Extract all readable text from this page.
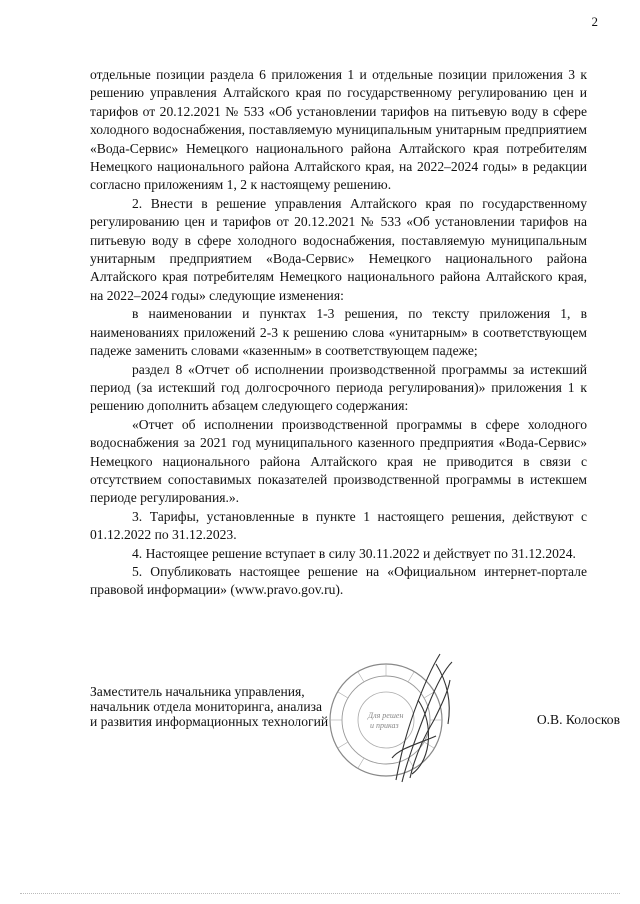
2

отдельные позиции раздела 6 приложения 1 и отдельные позиции приложения 3 к решению управления Алтайского края по государственному регулированию цен и тарифов от 20.12.2021 № 533 «Об установлении тарифов на питьевую воду в сфере холодного водоснабжения, поставляемую муниципальным унитарным предприятием «Вода-Сервис» Немецкого национального района Алтайского края потребителям Немецкого национального района Алтайского края, на 2022–2024 годы» в редакции согласно приложениям 1, 2 к настоящему решению.

2. Внести в решение управления Алтайского края по государственному регулированию цен и тарифов от 20.12.2021 № 533 «Об установлении тарифов на питьевую воду в сфере холодного водоснабжения, поставляемую муниципальным унитарным предприятием «Вода-Сервис» Немецкого национального района Алтайского края потребителям Немецкого национального района Алтайского края, на 2022–2024 годы» следующие изменения:

в наименовании и пунктах 1-3 решения, по тексту приложения 1, в наименованиях приложений 2-3 к решению слова «унитарным» в соответствующем падеже заменить словами «казенным» в соответствующем падеже;

раздел 8 «Отчет об исполнении производственной программы за истекший период (за истекший год долгосрочного периода регулирования)» приложения 1 к решению дополнить абзацем следующего содержания:

«Отчет об исполнении производственной программы в сфере холодного водоснабжения за 2021 год муниципального казенного предприятия «Вода-Сервис» Немецкого национального района Алтайского края не приводится в связи с отсутствием сопоставимых показателей производственной программы в истекшем периоде регулирования.».

3. Тарифы, установленные в пункте 1 настоящего решения, действуют с 01.12.2022 по 31.12.2023.

4. Настоящее решение вступает в силу 30.11.2022 и действует по 31.12.2024.

5. Опубликовать настоящее решение на «Официальном интернет-портале правовой информации» (www.pravo.gov.ru).

Для решен
и приказ
Заместитель начальника управления,
начальник отдела мониторинга, анализа
и развития информационных технологий	О.В. Колосков
